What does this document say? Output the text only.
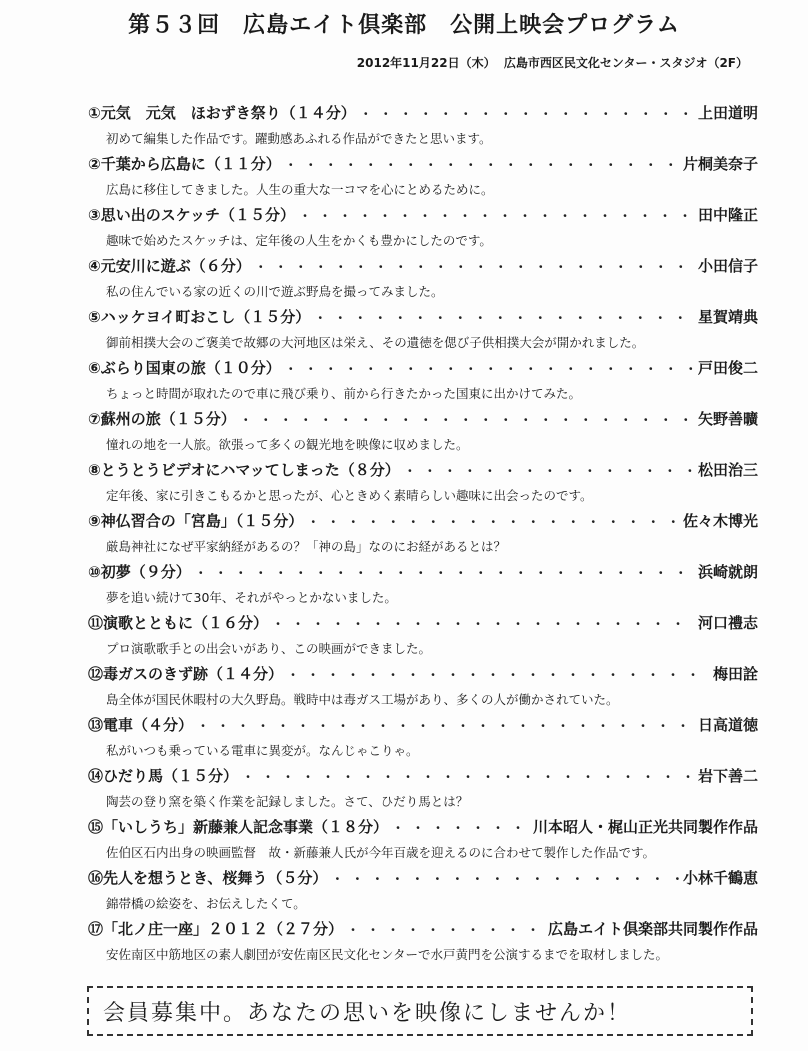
第５３回　広島エイト倶楽部　公開上映会プログラム
2012年11月22日（木）  広島市西区民文化センター・スタジオ（2F）
① 元気　元気　ほおずき祭り（１４分） ・・・・・・・・・・・・・・・・・・・・・・・・・・・・・・・・・・・・・・・・・・・・・・・・	上田道明
初めて編集した作品です。躍動感あふれる作品ができたと思います。
② 千葉から広島に（１１分） ・・・・・・・・・・・・・・・・・・・・・・・・・・・・・・・・・・・・・・・・・・・・・・・・	片桐美奈子
広島に移住してきました。人生の重大な一コマを心にとめるために。
③ 思い出のスケッチ（１５分） ・・・・・・・・・・・・・・・・・・・・・・・・・・・・・・・・・・・・・・・・・・・・・・・・	田中隆正
趣味で始めたスケッチは、定年後の人生をかくも豊かにしたのです。
④ 元安川に遊ぶ（６分） ・・・・・・・・・・・・・・・・・・・・・・・・・・・・・・・・・・・・・・・・・・・・・・・・	小田信子
私の住んでいる家の近くの川で遊ぶ野鳥を撮ってみました。
⑤ ハッケヨイ町おこし（１５分） ・・・・・・・・・・・・・・・・・・・・・・・・・・・・・・・・・・・・・・・・・・・・・・・・	星賀靖典
御前相撲大会のご褒美で故郷の大河地区は栄え、その遺徳を偲び子供相撲大会が開かれました。
⑥ ぶらり国東の旅（１０分） ・・・・・・・・・・・・・・・・・・・・・・・・・・・・・・・・・・・・・・・・・・・・・・・・	戸田俊二
ちょっと時間が取れたので車に飛び乗り、前から行きたかった国東に出かけてみた。
⑦ 蘇州の旅（１５分） ・・・・・・・・・・・・・・・・・・・・・・・・・・・・・・・・・・・・・・・・・・・・・・・・	矢野善曠
憧れの地を一人旅。欲張って多くの観光地を映像に収めました。
⑧ とうとうビデオにハマッてしまった（８分） ・・・・・・・・・・・・・・・・・・・・・・・・・・・・・・・・・・・・・・・・・・・・・・・・	松田治三
定年後、家に引きこもるかと思ったが、心ときめく素晴らしい趣味に出会ったのです。
⑨ 神仏習合の「宮島」（１５分） ・・・・・・・・・・・・・・・・・・・・・・・・・・・・・・・・・・・・・・・・・・・・・・・・	佐々木博光
厳島神社になぜ平家納経があるの？「神の島」なのにお経があるとは？
⑩ 初夢（９分） ・・・・・・・・・・・・・・・・・・・・・・・・・・・・・・・・・・・・・・・・・・・・・・・・	浜崎就朗
夢を追い続けて30年、それがやっとかないました。
⑪ 演歌とともに（１６分） ・・・・・・・・・・・・・・・・・・・・・・・・・・・・・・・・・・・・・・・・・・・・・・・・	河口禮志
プロ演歌歌手との出会いがあり、この映画ができました。
⑫ 毒ガスのきず跡（１４分） ・・・・・・・・・・・・・・・・・・・・・・・・・・・・・・・・・・・・・・・・・・・・・・・・	梅田詮
島全体が国民休暇村の大久野島。戦時中は毒ガス工場があり、多くの人が働かされていた。
⑬ 電車（４分） ・・・・・・・・・・・・・・・・・・・・・・・・・・・・・・・・・・・・・・・・・・・・・・・・	日高道徳
私がいつも乗っている電車に異変が。なんじゃこりゃ。
⑭ ひだり馬（１５分） ・・・・・・・・・・・・・・・・・・・・・・・・・・・・・・・・・・・・・・・・・・・・・・・・	岩下善二
陶芸の登り窯を築く作業を記録しました。さて、ひだり馬とは？
⑮ 「いしうち」新藤兼人記念事業（１８分） ・・・・・・・・・・・・・・・・・・・・・・・・・・・・・・・・・・・・・・・・・・・・・・・・	川本昭人・梶山正光共同製作作品
佐伯区石内出身の映画監督　故・新藤兼人氏が今年百歳を迎えるのに合わせて製作した作品です。
⑯ 先人を想うとき、桜舞う（５分） ・・・・・・・・・・・・・・・・・・・・・・・・・・・・・・・・・・・・・・・・・・・・・・・・	小林千鶴恵
錦帯橋の絵姿を、お伝えしたくて。
⑰ 「北ノ庄一座」２０１２（２７分） ・・・・・・・・・・・・・・・・・・・・・・・・・・・・・・・・・・・・・・・・・・・・・・・・	広島エイト倶楽部共同製作作品
安佐南区中筋地区の素人劇団が安佐南区民文化センターで水戸黄門を公演するまでを取材しました。
会員募集中。あなたの思いを映像にしませんか！
